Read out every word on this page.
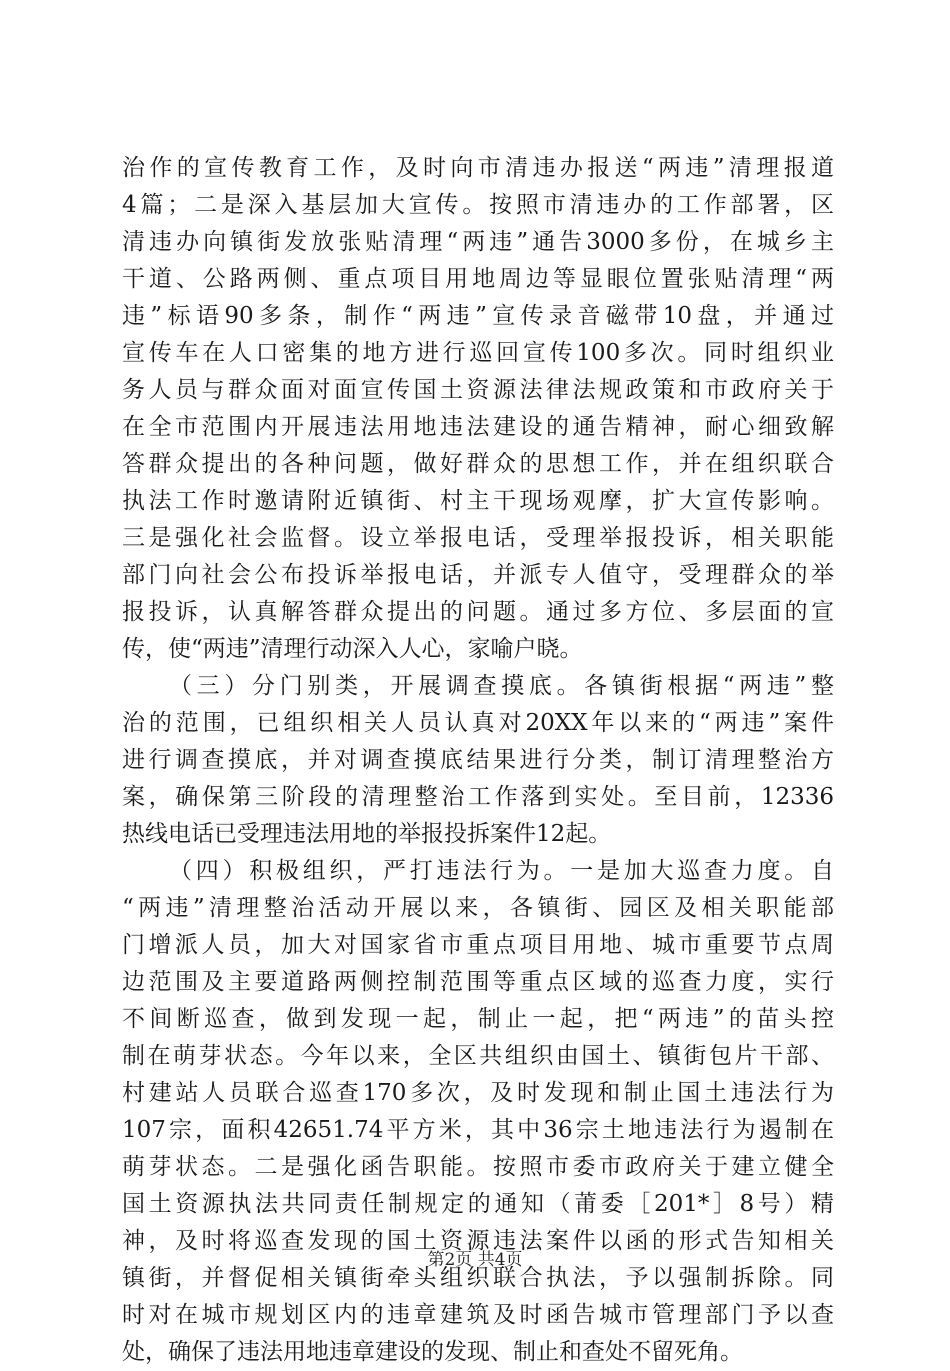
治作的宣传教育工作，及时向市清违办报送“两违”清理报道
4篇；二是深入基层加大宣传。按照市清违办的工作部署，区
清违办向镇街发放张贴清理“两违”通告3000多份，在城乡主
干道、公路两侧、重点项目用地周边等显眼位置张贴清理“两
违”标语90多条，制作“两违”宣传录音磁带10盘，并通过
宣传车在人口密集的地方进行巡回宣传100多次。同时组织业
务人员与群众面对面宣传国土资源法律法规政策和市政府关于
在全市范围内开展违法用地违法建设的通告精神，耐心细致解
答群众提出的各种问题，做好群众的思想工作，并在组织联合
执法工作时邀请附近镇街、村主干现场观摩，扩大宣传影响。
三是强化社会监督。设立举报电话，受理举报投诉，相关职能
部门向社会公布投诉举报电话，并派专人值守，受理群众的举
报投诉，认真解答群众提出的问题。通过多方位、多层面的宣
传，使“两违”清理行动深入人心，家喻户晓。
（三）分门别类，开展调查摸底。各镇街根据“两违”整
治的范围，已组织相关人员认真对20XX年以来的“两违”案件
进行调查摸底，并对调查摸底结果进行分类，制订清理整治方
案，确保第三阶段的清理整治工作落到实处。至目前，12336
热线电话已受理违法用地的举报投拆案件12起。
（四）积极组织，严打违法行为。一是加大巡查力度。自
“两违”清理整治活动开展以来，各镇街、园区及相关职能部
门增派人员，加大对国家省市重点项目用地、城市重要节点周
边范围及主要道路两侧控制范围等重点区域的巡查力度，实行
不间断巡查，做到发现一起，制止一起，把“两违”的苗头控
制在萌芽状态。今年以来，全区共组织由国土、镇街包片干部、
村建站人员联合巡查170多次，及时发现和制止国土违法行为
107宗，面积42651.74平方米，其中36宗土地违法行为遏制在
萌芽状态。二是强化函告职能。按照市委市政府关于建立健全
国土资源执法共同责任制规定的通知（莆委［201*］8号）精
神，及时将巡查发现的国土资源违法案件以函的形式告知相关
镇街，并督促相关镇街牵头组织联合执法，予以强制拆除。同
时对在城市规划区内的违章建筑及时函告城市管理部门予以查
处，确保了违法用地违章建设的发现、制止和查处不留死角。
第2页 共4页
